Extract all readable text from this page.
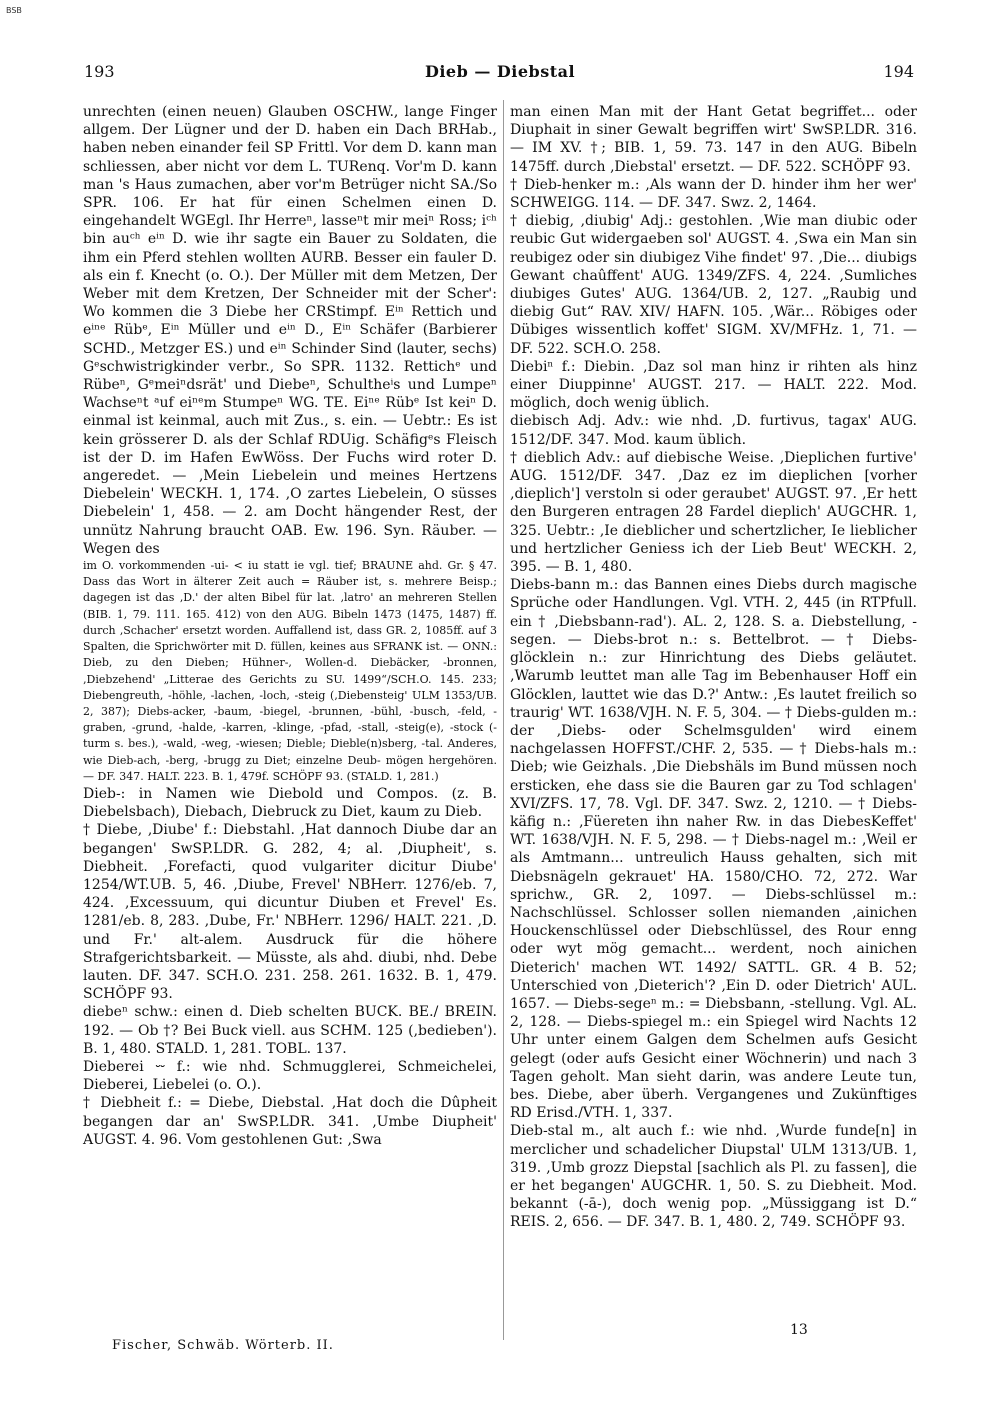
BSB
193	Dieb — Diebstal	194

unrechten (einen neuen) Glauben OSCHW., lange Finger allgem. Der Lügner und der D. haben ein Dach BRHab., haben neben einander feil SP Frittl. Vor dem D. kann man schliessen, aber nicht vor dem L. TURenq. Vor'm D. kann man 's Haus zumachen, aber vor'm Betrüger nicht SA./So SPR. 106. Er hat für einen Schelmen einen D. eingehandelt WGEgl. Ihr Herreⁿ, lasseⁿt mir meiⁿ Ross; iᶜʰ bin auᶜʰ eⁱⁿ D. wie ihr sagte ein Bauer zu Soldaten, die ihm ein Pferd stehlen wollten AURB. Besser ein fauler D. als ein f. Knecht (o. O.). Der Müller mit dem Metzen, Der Weber mit dem Kretzen, Der Schneider mit der Scher': Wo kommen die 3 Diebe her CRStimpf. Eⁱⁿ Rettich und eⁱⁿᵉ Rübᵉ, Eⁱⁿ Müller und eⁱⁿ D., Eⁱⁿ Schäfer (Barbierer SCHD., Metzger ES.) und eⁱⁿ Schinder Sind (lauter, sechs) Gᵉschwistrigkinder verbr., So SPR. 1132. Rettichᵉ und Rübeⁿ, Gᵉmeiⁿdsrät' und Diebeⁿ, Schultheⁱs und Lumpeⁿ Wachseⁿt ᵃuf eiⁿᵉm Stumpeⁿ WG. TE. Eiⁿᵉ Rübᵉ Ist keiⁿ D. einmal ist keinmal, auch mit Zus., s. ein. — Uebtr.: Es ist kein grösserer D. als der Schlaf RDUig. Schäfigᵉs Fleisch ist der D. im Hafen EwWöss. Der Fuchs wird roter D. angeredet. — ‚Mein Liebelein und meines Hertzens Diebelein' WECKH. 1, 174. ‚O zartes Liebelein, O süsses Diebelein' 1, 458. — 2. am Docht hängender Rest, der unnütz Nahrung braucht OAB. Ew. 196. Syn. Räuber. — Wegen des

im O. vorkommenden -ui- < iu statt ie vgl. tief; BRAUNE ahd. Gr. § 47. Dass das Wort in älterer Zeit auch = Räuber ist, s. mehrere Beisp.; dagegen ist das ‚D.' der alten Bibel für lat. ‚latro' an mehreren Stellen (BIB. 1, 79. 111. 165. 412) von den AUG. Bibeln 1473 (1475, 1487) ff. durch ‚Schacher' ersetzt worden. Auffallend ist, dass GR. 2, 1085ff. auf 3 Spalten, die Sprichwörter mit D. füllen, keines aus SFRANK ist. — ONN.: Dieb, zu den Dieben; Hühner-, Wollen-d. Diebäcker, -bronnen, ‚Diebzehend' „Litterae des Gerichts zu SU. 1499“/SCH.O. 145. 233; Diebengreuth, -höhle, -lachen, -loch, -steig (‚Diebensteig' ULM 1353/UB. 2, 387); Diebs-acker, -baum, -biegel, -brunnen, -bühl, -busch, -feld, -graben, -grund, -halde, -karren, -klinge, -pfad, -stall, -steig(e), -stock (-turm s. bes.), -wald, -weg, -wiesen; Dieble; Dieble(n)sberg, -tal. Anderes, wie Dieb-ach, -berg, -brugg zu Diet; einzelne Deub- mögen hergehören. — DF. 347. HALT. 223. B. 1, 479f. SCHÖPF 93. (STALD. 1, 281.)

Dieb-: in Namen wie Diebold und Compos. (z. B. Diebelsbach), Diebach, Diebruck zu Diet, kaum zu Dieb.

† Diebe, ‚Diube' f.: Diebstahl. ‚Hat dannoch Diube dar an begangen' SwSP.LDR. G. 282, 4; al. ‚Diupheit', s. Diebheit. ‚Forefacti, quod vulgariter dicitur Diube' 1254/WT.UB. 5, 46. ‚Diube, Frevel' NBHerr. 1276/eb. 7, 424. ‚Excessuum, qui dicuntur Diuben et Frevel' Es. 1281/eb. 8, 283. ‚Dube, Fr.' NBHerr. 1296/ HALT. 221. ‚D. und Fr.' alt-alem. Ausdruck für die höhere Strafgerichtsbarkeit. — Müsste, als ahd. diubi, nhd. Debe lauten. DF. 347. SCH.O. 231. 258. 261. 1632. B. 1, 479. SCHÖPF 93.

diebeⁿ schw.: einen d. Dieb schelten BUCK. BE./ BREIN. 192. — Ob †? Bei Buck viell. aus SCHM. 125 (‚bedieben'). B. 1, 480. STALD. 1, 281. TOBL. 137.

Dieberei ⏑⏑ f.: wie nhd. Schmugglerei, Schmeichelei, Dieberei, Liebelei (o. O.).

† Diebheit f.: = Diebe, Diebstal. ‚Hat doch die Dûpheit begangen dar an' SwSP.LDR. 341. ‚Umbe Diupheit' AUGST. 4. 96. Vom gestohlenen Gut: ‚Swa

man einen Man mit der Hant Getat begriffet... oder Diuphait in siner Gewalt begriffen wirt' SwSP.LDR. 316. — IM XV. †; BIB. 1, 59. 73. 147 in den AUG. Bibeln 1475ff. durch ‚Diebstal' ersetzt. — DF. 522. SCHÖPF 93.

† Dieb-henker m.: ‚Als wann der D. hinder ihm her wer' SCHWEIGG. 114. — DF. 347. Swz. 2, 1464.

† diebig, ‚diubig' Adj.: gestohlen. ‚Wie man diubic oder reubic Gut widergaeben sol' AUGST. 4. ‚Swa ein Man sin reubigez oder sin diubigez Vihe findet' 97. ‚Die... diubigs Gewant chaûffent' AUG. 1349/ZFS. 4, 224. ‚Sumliches diubiges Gutes' AUG. 1364/UB. 2, 127. „Raubig und diebig Gut“ RAV. XIV/ HAFN. 105. ‚Wär... Röbiges oder Dübiges wissentlich koffet' SIGM. XV/MFHz. 1, 71. — DF. 522. SCH.O. 258.

Diebiⁿ f.: Diebin. ‚Daz sol man hinz ir rihten als hinz einer Diuppinne' AUGST. 217. — HALT. 222. Mod. möglich, doch wenig üblich.

diebisch Adj. Adv.: wie nhd. ‚D. furtivus, tagax' AUG. 1512/DF. 347. Mod. kaum üblich.

† dieblich Adv.: auf diebische Weise. ‚Dieplichen furtive' AUG. 1512/DF. 347. ‚Daz ez im dieplichen [vorher ‚dieplich'] verstoln si oder geraubet' AUGST. 97. ‚Er hett den Burgeren entragen 28 Fardel dieplich' AUGCHR. 1, 325. Uebtr.: ‚Ie dieblicher und schertzlicher, Ie lieblicher und hertzlicher Geniess ich der Lieb Beut' WECKH. 2, 395. — B. 1, 480.

Diebs-bann m.: das Bannen eines Diebs durch magische Sprüche oder Handlungen. Vgl. VTH. 2, 445 (in RTPfull. ein † ‚Diebsbann-rad'). AL. 2, 128. S. a. Diebstellung, -segen. — Diebs-brot n.: s. Bettelbrot. — † Diebs-glöcklein n.: zur Hinrichtung des Diebs geläutet. ‚Warumb leuttet man alle Tag im Bebenhauser Hoff ein Glöcklen, lauttet wie das D.?' Antw.: ‚Es lautet freilich so traurig' WT. 1638/VJH. N. F. 5, 304. — † Diebs-gulden m.: der ‚Diebs- oder Schelmsgulden' wird einem nachgelassen HOFFST./CHF. 2, 535. — † Diebs-hals m.: Dieb; wie Geizhals. ‚Die Diebshäls im Bund müssen noch ersticken, ehe dass sie die Bauren gar zu Tod schlagen' XVI/ZFS. 17, 78. Vgl. DF. 347. Swz. 2, 1210. — † Diebs-käfig n.: ‚Füereten ihn naher Rw. in das DiebesKeffet' WT. 1638/VJH. N. F. 5, 298. — † Diebs-nagel m.: ‚Weil er als Amtmann... untreulich Hauss gehalten, sich mit Diebsnägeln gekrauet' HA. 1580/CHO. 72, 272. War sprichw., GR. 2, 1097. — Diebs-schlüssel m.: Nachschlüssel. Schlosser sollen niemanden ‚ainichen Houckenschlüssel oder Diebschlüssel, des Rour enng oder wyt mög gemacht... werdent, noch ainichen Dieterich' machen WT. 1492/ SATTL. GR. 4 B. 52; Unterschied von ‚Dieterich'? ‚Ein D. oder Dietrich' AUL. 1657. — Diebs-segeⁿ m.: = Diebsbann, -stellung. Vgl. AL. 2, 128. — Diebs-spiegel m.: ein Spiegel wird Nachts 12 Uhr unter einem Galgen dem Schelmen aufs Gesicht gelegt (oder aufs Gesicht einer Wöchnerin) und nach 3 Tagen geholt. Man sieht darin, was andere Leute tun, bes. Diebe, aber überh. Vergangenes und Zukünftiges RD Erisd./VTH. 1, 337.

Dieb-stal m., alt auch f.: wie nhd. ‚Wurde funde[n] in merclicher und schadelicher Diupstal' ULM 1313/UB. 1, 319. ‚Umb grozz Diepstal [sachlich als Pl. zu fassen], die er het begangen' AUGCHR. 1, 50. S. zu Diebheit. Mod. bekannt (-ā-), doch wenig pop. „Müssiggang ist D.“ REIS. 2, 656. — DF. 347. B. 1, 480. 2, 749. SCHÖPF 93.

Fischer, Schwäb. Wörterb. II.
13
